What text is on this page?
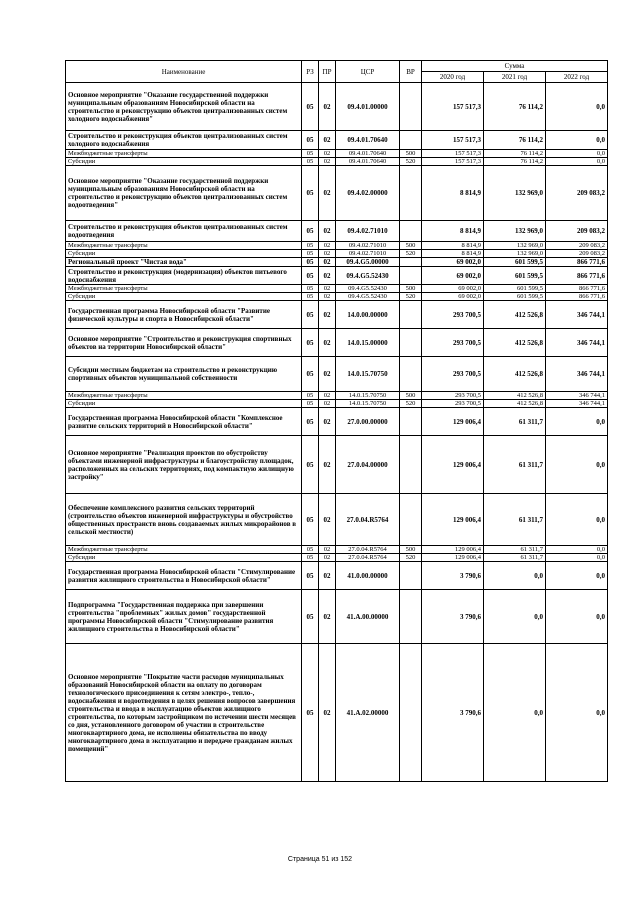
Наименование	РЗ	ПР	ЦСР	ВР	Сумма		
					2020 год	2021 год	2022 год
Основное мероприятие "Оказание государственной поддержки муниципальным образованиям Новосибирской области на строительство и реконструкцию объектов централизованных систем холодного водоснабжения"	05	02	09.4.01.00000		157 517,3	76 114,2	0,0
Строительство и реконструкция объектов централизованных систем холодного водоснабжения	05	02	09.4.01.70640		157 517,3	76 114,2	0,0
Межбюджетные трансферты	05	02	09.4.01.70640	500	157 517,3	76 114,2	0,0
Субсидии	05	02	09.4.01.70640	520	157 517,3	76 114,2	0,0
Основное мероприятие "Оказание государственной поддержки муниципальным образованиям Новосибирской области на строительство и реконструкцию объектов централизованных систем водоотведения"	05	02	09.4.02.00000		8 814,9	132 969,0	209 083,2
Строительство и реконструкция объектов централизованных систем водоотведения	05	02	09.4.02.71010		8 814,9	132 969,0	209 083,2
Межбюджетные трансферты	05	02	09.4.02.71010	500	8 814,9	132 969,0	209 083,2
Субсидии	05	02	09.4.02.71010	520	8 814,9	132 969,0	209 083,2
Региональный проект "Чистая вода"	05	02	09.4.G5.00000		69 002,0	601 599,5	866 771,6
Строительство и реконструкция (модернизация) объектов питьевого водоснабжения	05	02	09.4.G5.52430		69 002,0	601 599,5	866 771,6
Межбюджетные трансферты	05	02	09.4.G5.52430	500	69 002,0	601 599,5	866 771,6
Субсидии	05	02	09.4.G5.52430	520	69 002,0	601 599,5	866 771,6
Государственная программа Новосибирской области "Развитие физической культуры и спорта в Новосибирской области"	05	02	14.0.00.00000		293 700,5	412 526,8	346 744,1
Основное мероприятие "Строительство и реконструкция спортивных объектов на территории Новосибирской области"	05	02	14.0.15.00000		293 700,5	412 526,8	346 744,1
Субсидии местным бюджетам на строительство и реконструкцию спортивных объектов муниципальной собственности	05	02	14.0.15.70750		293 700,5	412 526,8	346 744,1
Межбюджетные трансферты	05	02	14.0.15.70750	500	293 700,5	412 526,8	346 744,1
Субсидии	05	02	14.0.15.70750	520	293 700,5	412 526,8	346 744,1
Государственная программа Новосибирской области "Комплексное развитие сельских территорий в Новосибирской области"	05	02	27.0.00.00000		129 006,4	61 311,7	0,0
Основное мероприятие "Реализация проектов по обустройству объектами инженерной инфраструктуры и благоустройству площадок, расположенных на сельских территориях, под компактную жилищную застройку"	05	02	27.0.04.00000		129 006,4	61 311,7	0,0
Обеспечение комплексного развития сельских территорий (строительство объектов инженерной инфраструктуры и обустройство общественных пространств вновь создаваемых жилых микрорайонов в сельской местности)	05	02	27.0.04.R5764		129 006,4	61 311,7	0,0
Межбюджетные трансферты	05	02	27.0.04.R5764	500	129 006,4	61 311,7	0,0
Субсидии	05	02	27.0.04.R5764	520	129 006,4	61 311,7	0,0
Государственная программа Новосибирской области "Стимулирование развития жилищного строительства в Новосибирской области"	05	02	41.0.00.00000		3 790,6	0,0	0,0
Подпрограмма "Государственная поддержка при завершении строительства "проблемных" жилых домов" государственной программы Новосибирской области "Стимулирование развития жилищного строительства в Новосибирской области"	05	02	41.A.00.00000		3 790,6	0,0	0,0
Основное мероприятие "Покрытие части расходов муниципальных образований Новосибирской области на оплату по договорам технологического присоединения к сетям электро-, тепло-, водоснабжения и водоотведения в целях решения вопросов завершения строительства и ввода в эксплуатацию объектов жилищного строительства, по которым застройщиком по истечении шести месяцев со дня, установленного договором об участии в строительстве многоквартирного дома, не исполнены обязательства по вводу многоквартирного дома в эксплуатацию и передаче гражданам жилых помещений"	05	02	41.A.02.00000		3 790,6	0,0	0,0
Страница 51 из 152
